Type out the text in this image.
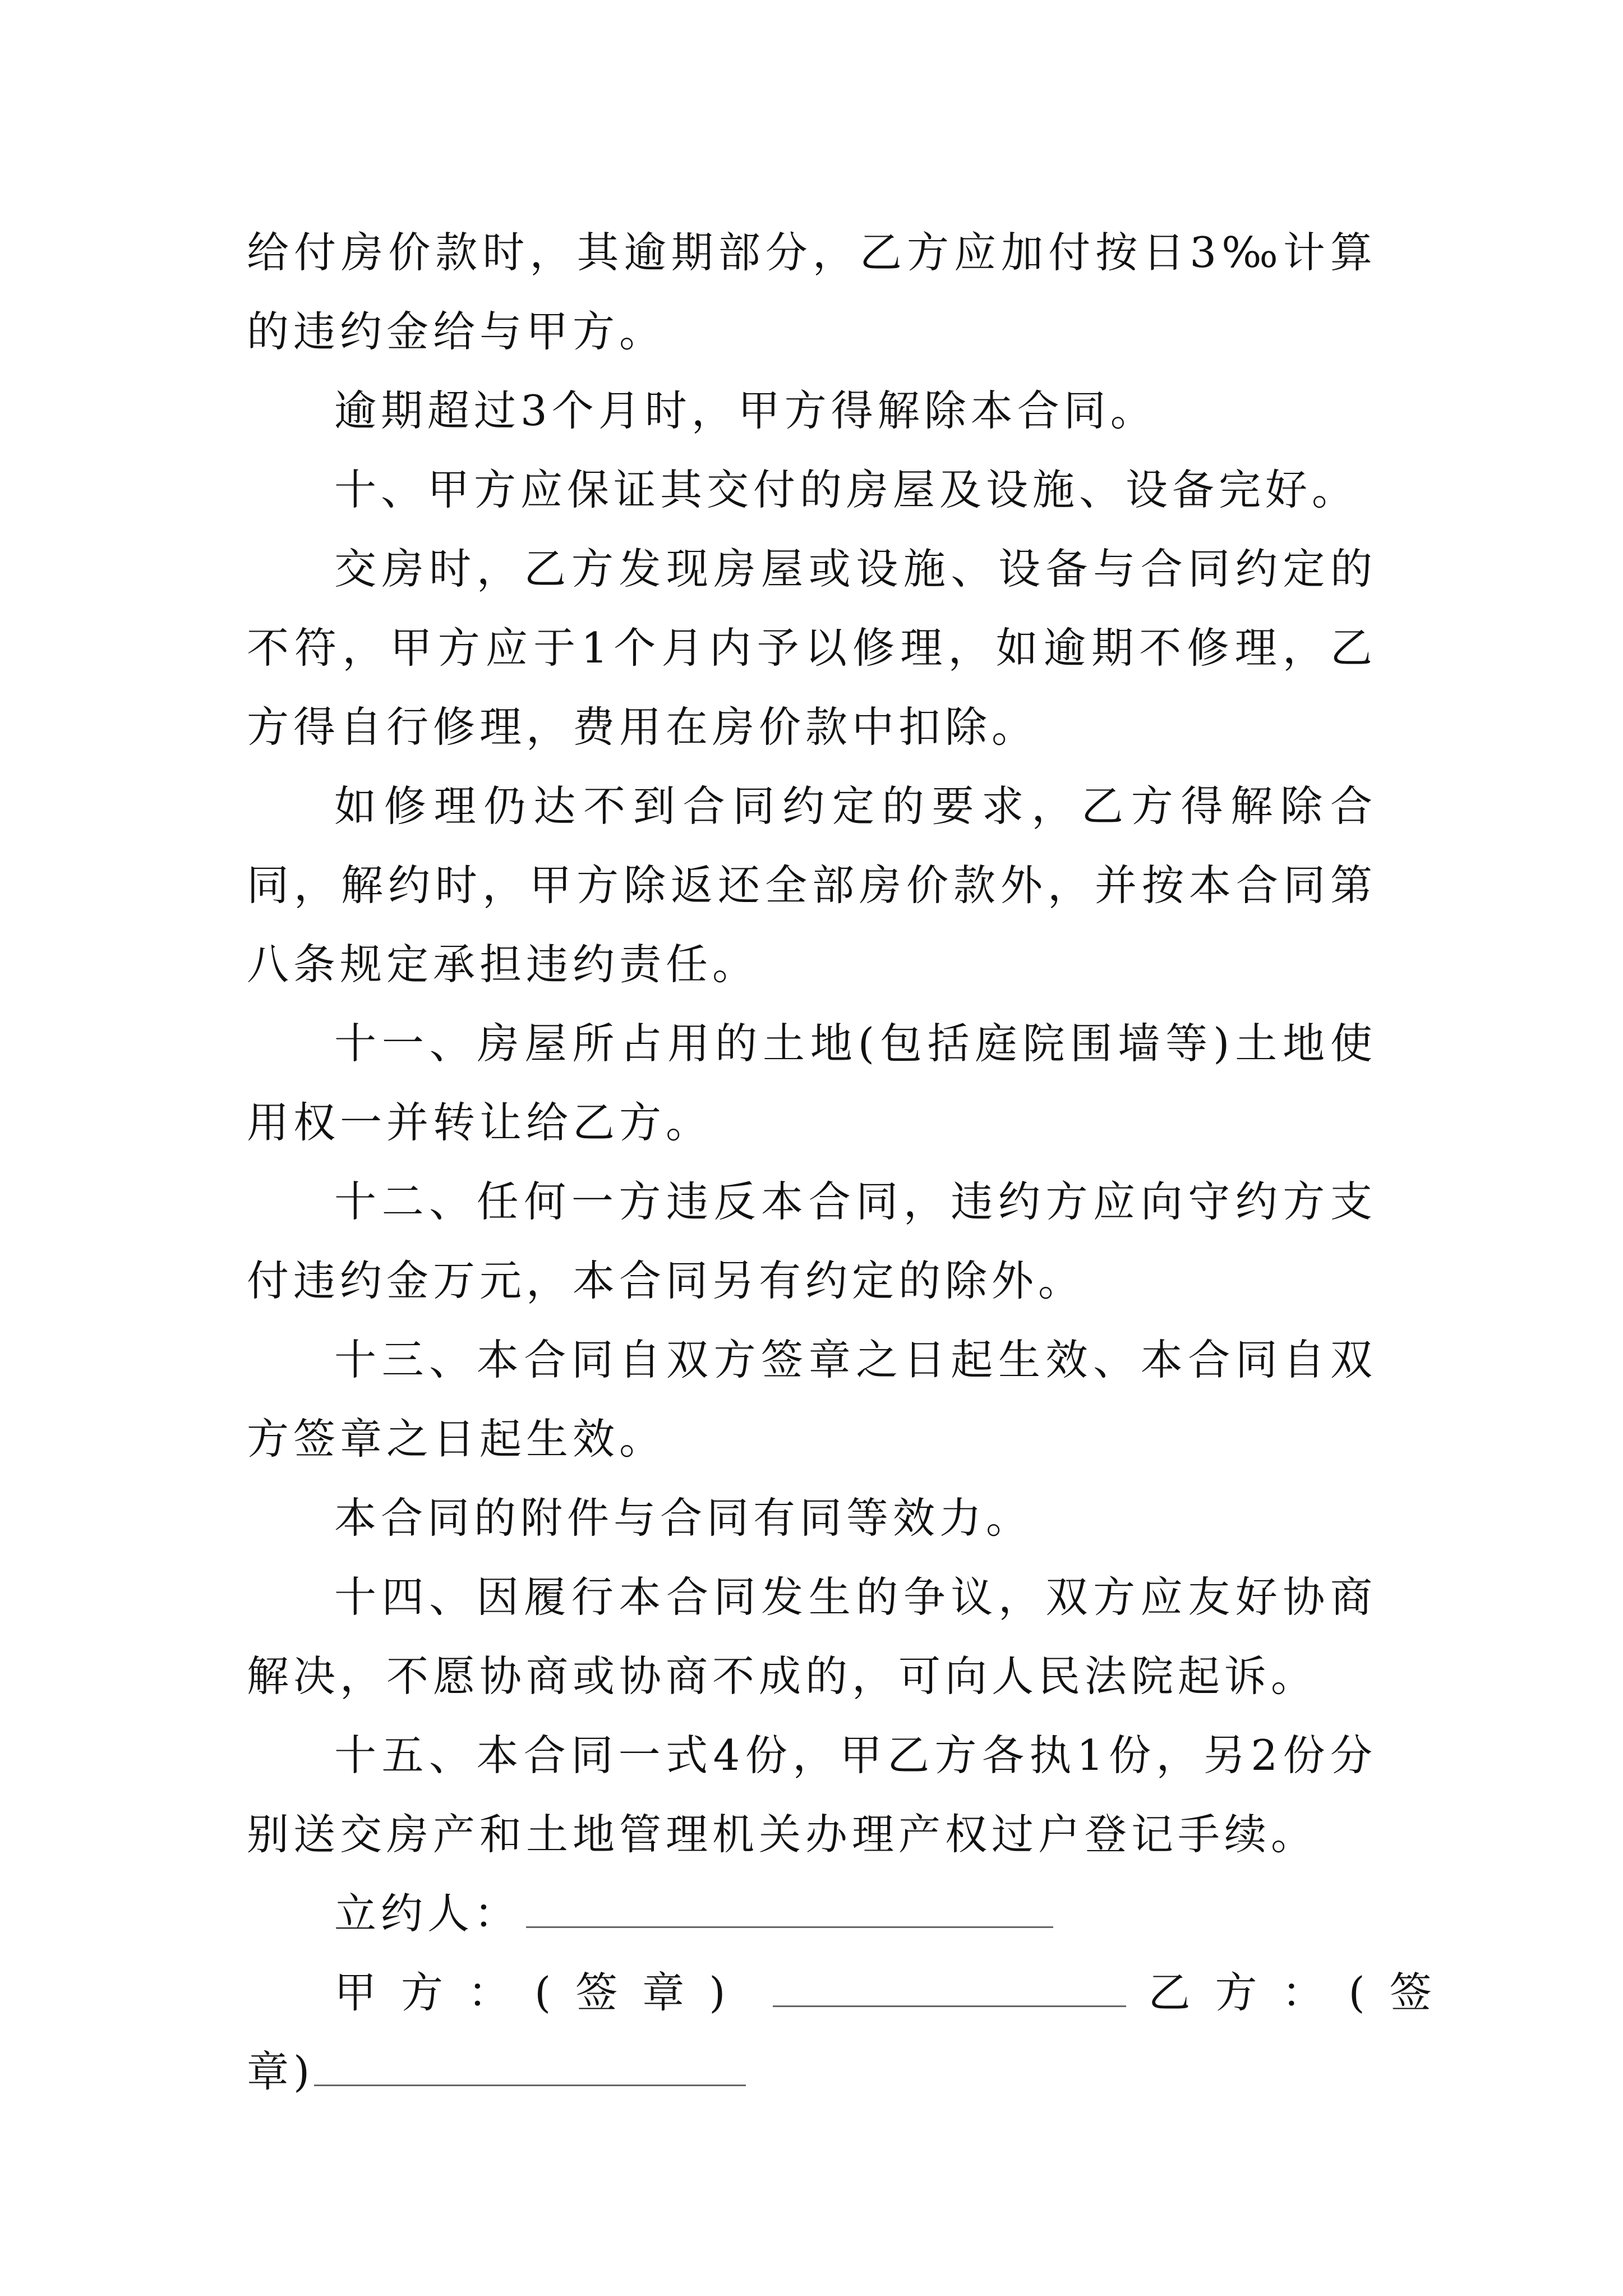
给付房价款时，其逾期部分，乙方应加付按日3‰计算的违约金给与甲方。

逾期超过3个月时，甲方得解除本合同。

十、甲方应保证其交付的房屋及设施、设备完好。

交房时，乙方发现房屋或设施、设备与合同约定的不符，甲方应于1个月内予以修理，如逾期不修理，乙方得自行修理，费用在房价款中扣除。

如修理仍达不到合同约定的要求，乙方得解除合同，解约时，甲方除返还全部房价款外，并按本合同第八条规定承担违约责任。

十一、房屋所占用的土地(包括庭院围墙等)土地使用权一并转让给乙方。

十二、任何一方违反本合同，违约方应向守约方支付违约金万元，本合同另有约定的除外。

十三、本合同自双方签章之日起生效、本合同自双方签章之日起生效。

本合同的附件与合同有同等效力。

十四、因履行本合同发生的争议，双方应友好协商解决，不愿协商或协商不成的，可向人民法院起诉。

十五、本合同一式4份，甲乙方各执1份，另2份分别送交房产和土地管理机关办理产权过户登记手续。

立约人：

甲方：(签章)	乙方：(签

章)
